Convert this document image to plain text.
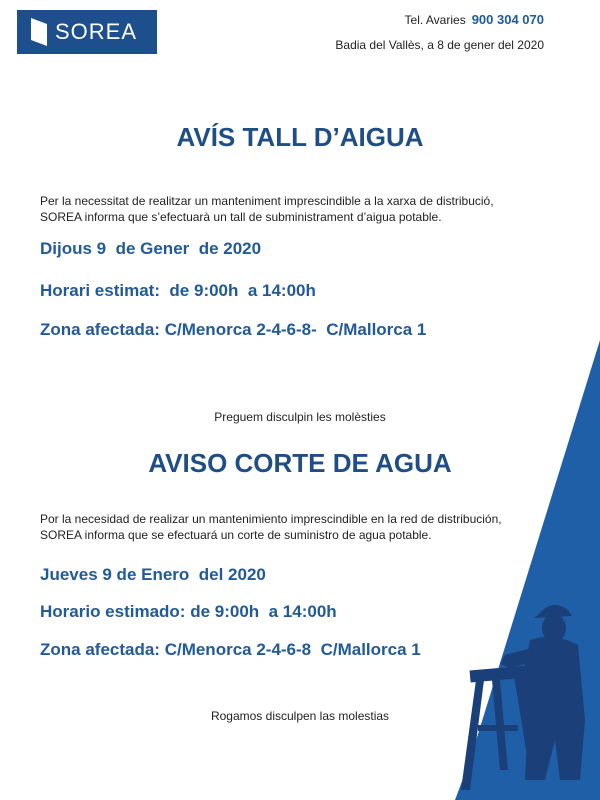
SOREA	Tel. Avaries 900 304 070
Badia del Vallès, a 8 de gener del 2020
AVÍS TALL D’AIGUA
Per la necessitat de realitzar un manteniment imprescindible a la xarxa de distribució,
SOREA informa que s’efectuarà un tall de subministrament d’aigua potable.
Dijous 9  de Gener  de 2020
Horari estimat:  de 9:00h  a 14:00h
Zona afectada: C/Menorca 2-4-6-8-  C/Mallorca 1
Preguem disculpin les molèsties
AVISO CORTE DE AGUA
Por la necesidad de realizar un mantenimiento imprescindible en la red de distribución,
SOREA informa que se efectuará un corte de suministro de agua potable.
Jueves 9 de Enero  del 2020
Horario estimado: de 9:00h  a 14:00h
Zona afectada: C/Menorca 2-4-6-8  C/Mallorca 1
Rogamos disculpen las molestias
